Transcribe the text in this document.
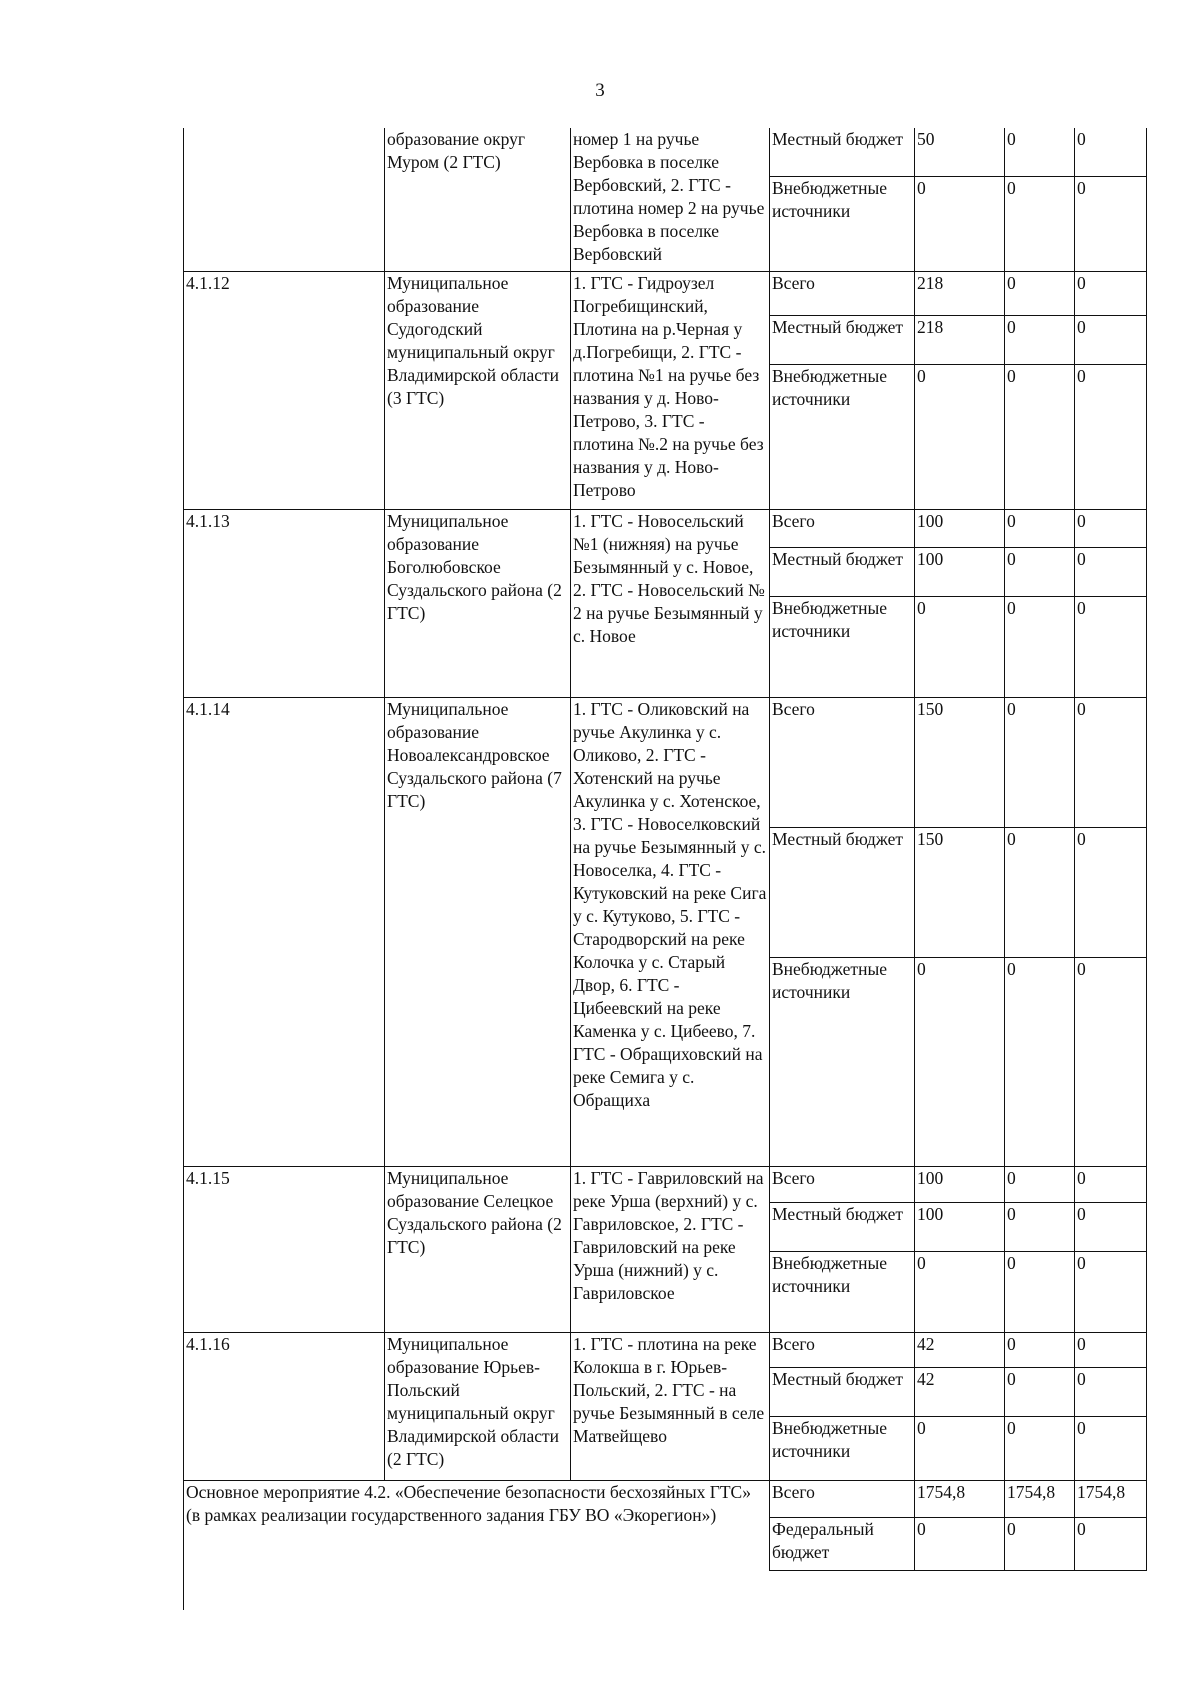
3
	образование округ Муром (2 ГТС)	номер 1 на ручье Вербовка в поселке Вербовский, 2. ГТС - плотина номер 2 на ручье Вербовка в поселке Вербовский	Местный бюджет	50	0	0
			Внебюджетные источники	0	0	0
4.1.12	Муниципальное образование Судогодский муниципальный округ Владимирской области (3 ГТС)	1. ГТС - Гидроузел Погребищинский, Плотина на р.Черная у д.Погребищи, 2. ГТС - плотина №1 на ручье без названия у д. Ново-Петрово, 3. ГТС - плотина №.2 на ручье без названия у д. Ново-Петрово	Всего	218	0	0
			Местный бюджет	218	0	0
			Внебюджетные источники	0	0	0
4.1.13	Муниципальное образование Боголюбовское Суздальского района (2 ГТС)	1. ГТС - Новосельский №1 (нижняя) на ручье Безымянный у с. Новое, 2. ГТС - Новосельский № 2 на ручье Безымянный у с. Новое	Всего	100	0	0
			Местный бюджет	100	0	0
			Внебюджетные источники	0	0	0
4.1.14	Муниципальное образование Новоалександровское Суздальского района (7 ГТС)	1. ГТС - Оликовский на ручье Акулинка у с. Оликово, 2. ГТС - Хотенский на ручье Акулинка у с. Хотенское, 3. ГТС - Новоселковский на ручье Безымянный у с. Новоселка, 4. ГТС - Кутуковский на реке Сига у с. Кутуково, 5. ГТС - Стародворский на реке Колочка у с. Старый Двор, 6. ГТС - Цибеевский на реке Каменка у с. Цибеево, 7. ГТС - Обращиховский на реке Семига у с. Обращиха	Всего	150	0	0
			Местный бюджет	150	0	0
			Внебюджетные источники	0	0	0
4.1.15	Муниципальное образование Селецкое Суздальского района (2 ГТС)	1. ГТС - Гавриловский на реке Урша (верхний) у с. Гавриловское, 2. ГТС - Гавриловский на реке Урша (нижний) у с. Гавриловское	Всего	100	0	0
			Местный бюджет	100	0	0
			Внебюджетные источники	0	0	0
4.1.16	Муниципальное образование Юрьев-Польский муниципальный округ Владимирской области (2 ГТС)	1. ГТС - плотина на реке Колокша в г. Юрьев-Польский, 2. ГТС - на ручье Безымянный в селе Матвейщево	Всего	42	0	0
			Местный бюджет	42	0	0
			Внебюджетные источники	0	0	0
Основное мероприятие 4.2. «Обеспечение безопасности бесхозяйных ГТС» (в рамках реализации государственного задания ГБУ ВО «Экорегион»)			Всего	1754,8	1754,8	1754,8
			Федеральный бюджет	0	0	0
